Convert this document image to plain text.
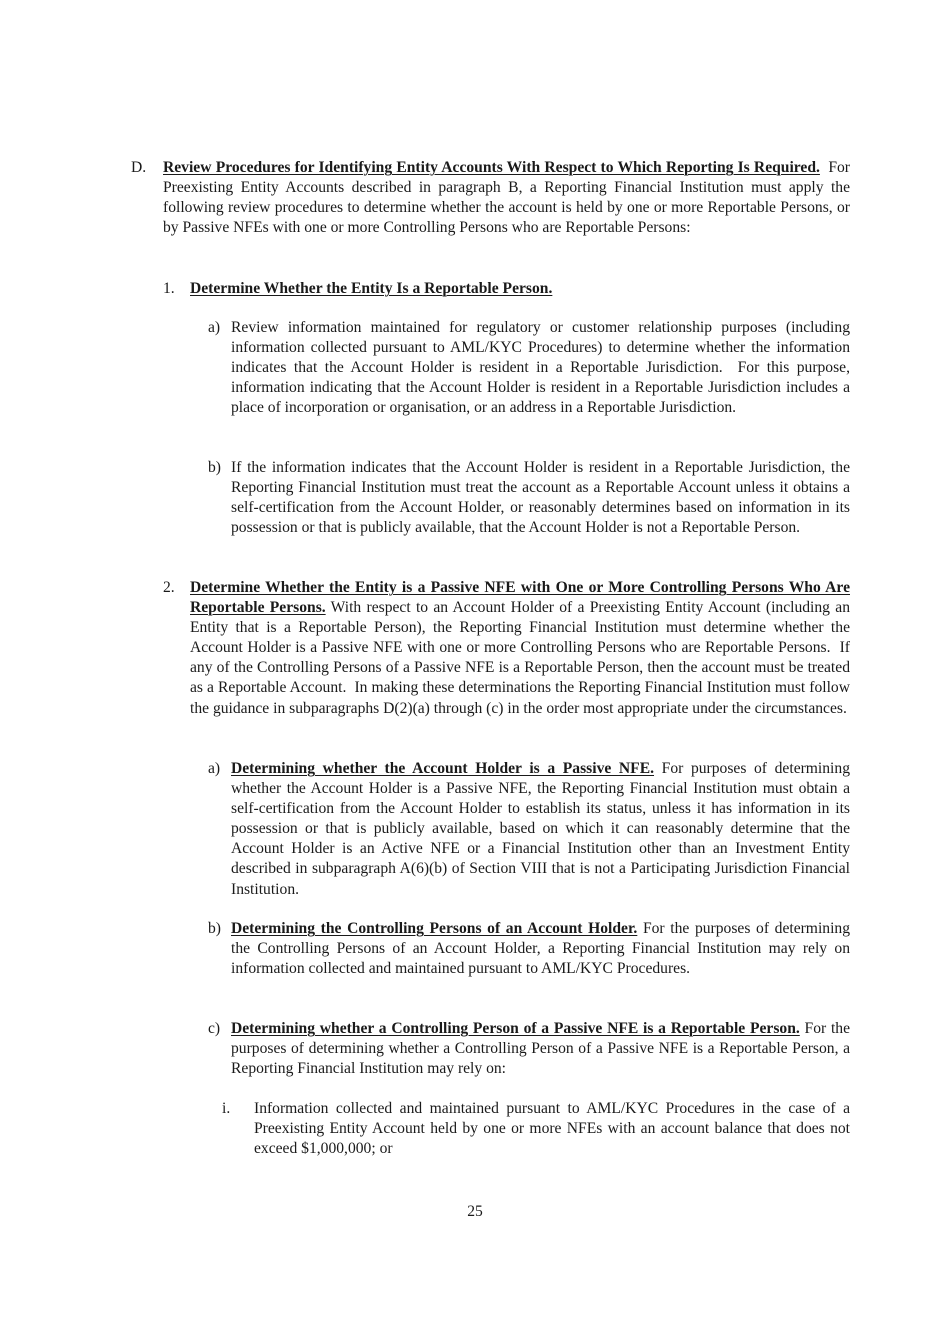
D. Review Procedures for Identifying Entity Accounts With Respect to Which Reporting Is Required.  For Preexisting Entity Accounts described in paragraph B, a Reporting Financial Institution must apply the following review procedures to determine whether the account is held by one or more Reportable Persons, or by Passive NFEs with one or more Controlling Persons who are Reportable Persons:
1. Determine Whether the Entity Is a Reportable Person.
a) Review information maintained for regulatory or customer relationship purposes (including information collected pursuant to AML/KYC Procedures) to determine whether the information indicates that the Account Holder is resident in a Reportable Jurisdiction.  For this purpose, information indicating that the Account Holder is resident in a Reportable Jurisdiction includes a place of incorporation or organisation, or an address in a Reportable Jurisdiction.
b) If the information indicates that the Account Holder is resident in a Reportable Jurisdiction, the Reporting Financial Institution must treat the account as a Reportable Account unless it obtains a self-certification from the Account Holder, or reasonably determines based on information in its possession or that is publicly available, that the Account Holder is not a Reportable Person.
2. Determine Whether the Entity is a Passive NFE with One or More Controlling Persons Who Are Reportable Persons. With respect to an Account Holder of a Preexisting Entity Account (including an Entity that is a Reportable Person), the Reporting Financial Institution must determine whether the Account Holder is a Passive NFE with one or more Controlling Persons who are Reportable Persons.  If any of the Controlling Persons of a Passive NFE is a Reportable Person, then the account must be treated as a Reportable Account.  In making these determinations the Reporting Financial Institution must follow the guidance in subparagraphs D(2)(a) through (c) in the order most appropriate under the circumstances.
a) Determining whether the Account Holder is a Passive NFE. For purposes of determining whether the Account Holder is a Passive NFE, the Reporting Financial Institution must obtain a self-certification from the Account Holder to establish its status, unless it has information in its possession or that is publicly available, based on which it can reasonably determine that the Account Holder is an Active NFE or a Financial Institution other than an Investment Entity described in subparagraph A(6)(b) of Section VIII that is not a Participating Jurisdiction Financial Institution.
b) Determining the Controlling Persons of an Account Holder. For the purposes of determining the Controlling Persons of an Account Holder, a Reporting Financial Institution may rely on information collected and maintained pursuant to AML/KYC Procedures.
c) Determining whether a Controlling Person of a Passive NFE is a Reportable Person. For the purposes of determining whether a Controlling Person of a Passive NFE is a Reportable Person, a Reporting Financial Institution may rely on:
i. Information collected and maintained pursuant to AML/KYC Procedures in the case of a Preexisting Entity Account held by one or more NFEs with an account balance that does not exceed $1,000,000; or
25
